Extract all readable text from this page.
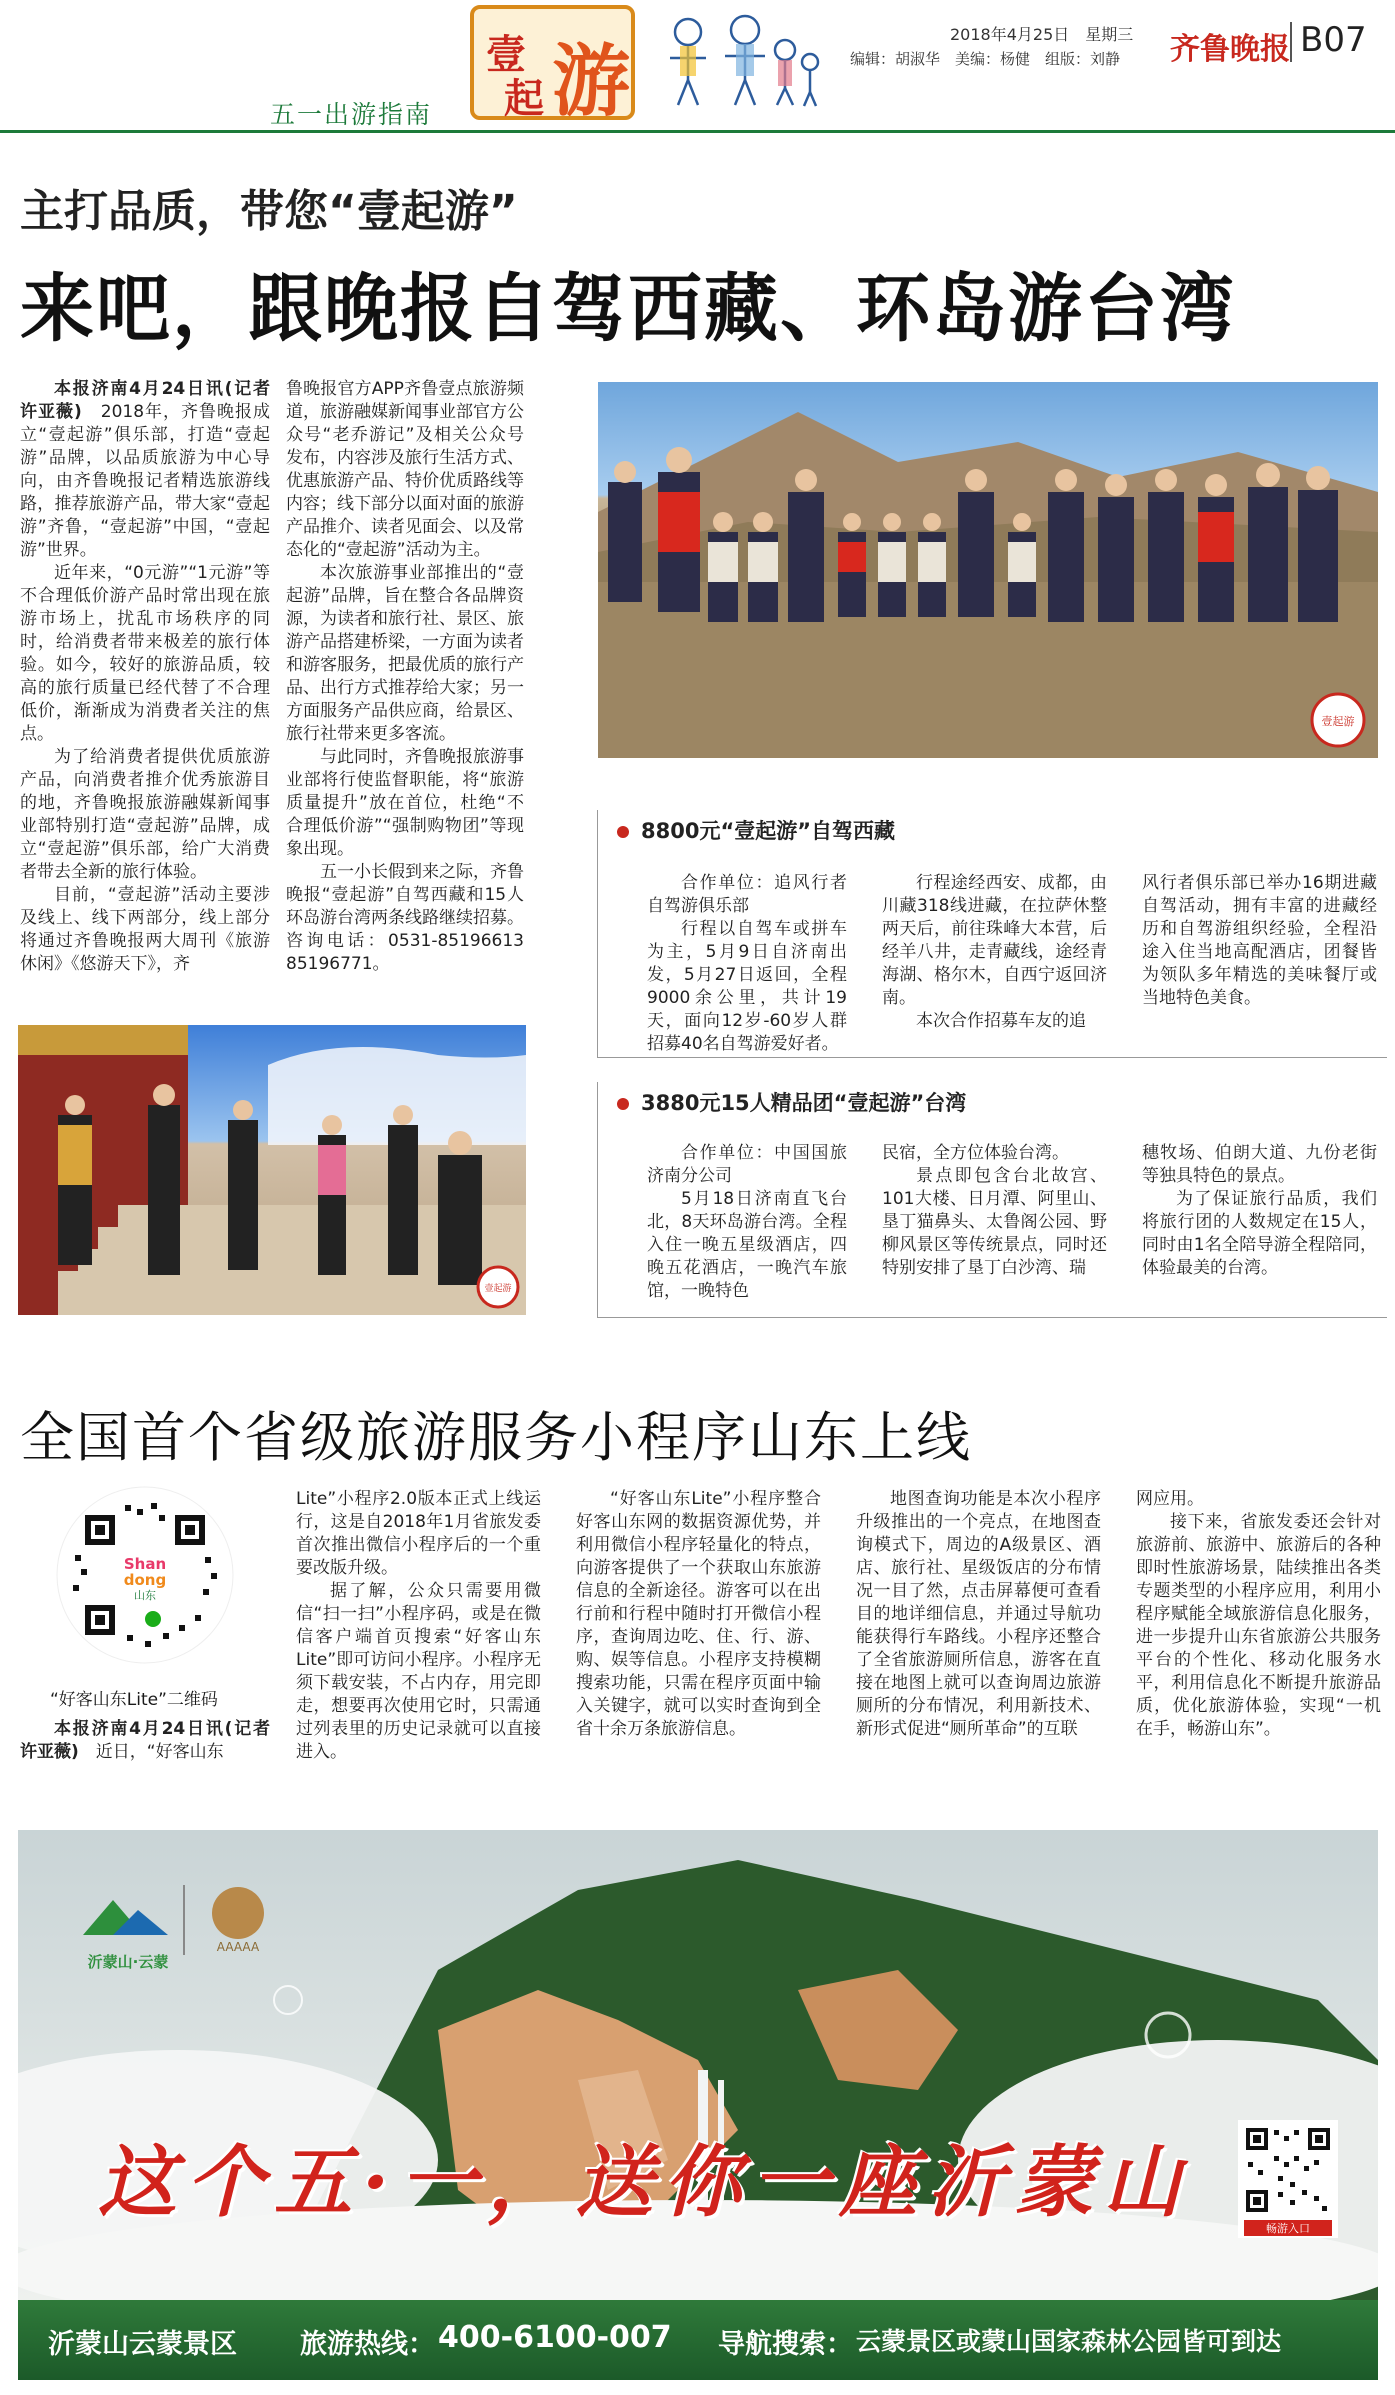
五一出游指南
壹
起 游
2018年4月25日　星期三
编辑：胡淑华　美编：杨健　组版：刘静 齐鲁晚报 B07
主打品质，带您“壹起游”
来吧，跟晚报自驾西藏、环岛游台湾

本报济南4月24日讯(记者　许亚薇)　 2018年，齐鲁晚报成立“壹起游”俱乐部，打造“壹起游”品牌，以品质旅游为中心导向，由齐鲁晚报记者精选旅游线路，推荐旅游产品，带大家“壹起游”齐鲁，“壹起游”中国，“壹起游”世界。

近年来，“0元游”“1元游”等不合理低价游产品时常出现在旅游市场上，扰乱市场秩序的同时，给消费者带来极差的旅行体验。如今，较好的旅游品质，较高的旅行质量已经代替了不合理低价，渐渐成为消费者关注的焦点。

为了给消费者提供优质旅游产品，向消费者推介优秀旅游目的地，齐鲁晚报旅游融媒新闻事业部特别打造“壹起游”品牌，成立“壹起游”俱乐部，给广大消费者带去全新的旅行体验。

目前，“壹起游”活动主要涉及线上、线下两部分，线上部分将通过齐鲁晚报两大周刊《旅游休闲》《悠游天下》，齐

鲁晚报官方APP齐鲁壹点旅游频道，旅游融媒新闻事业部官方公众号“老乔游记”及相关公众号发布，内容涉及旅行生活方式、优惠旅游产品、特价优质路线等内容；线下部分以面对面的旅游产品推介、读者见面会、以及常态化的“壹起游”活动为主。

本次旅游事业部推出的“壹起游”品牌，旨在整合各品牌资源，为读者和旅行社、景区、旅游产品搭建桥梁，一方面为读者和游客服务，把最优质的旅行产品、出行方式推荐给大家；另一方面服务产品供应商，给景区、旅行社带来更多客流。

与此同时，齐鲁晚报旅游事业部将行使监督职能，将“旅游质量提升”放在首位，杜绝“不合理低价游”“强制购物团”等现象出现。

五一小长假到来之际，齐鲁晚报“壹起游”自驾西藏和15人环岛游台湾两条线路继续招募。咨询电话：0531-85196613　85196771。

壹起游
壹起游
8800元“壹起游”自驾西藏

合作单位：追风行者自驾游俱乐部

行程以自驾车或拼车为主，5月9日自济南出发，5月27日返回，全程9000余公里，共计19天，面向12岁-60岁人群招募40名自驾游爱好者。

行程途经西安、成都，由川藏318线进藏，在拉萨休整两天后，前往珠峰大本营，后经羊八井，走青藏线，途经青海湖、格尔木，自西宁返回济南。

本次合作招募车友的追

风行者俱乐部已举办16期进藏自驾活动，拥有丰富的进藏经历和自驾游组织经验，全程沿途入住当地高配酒店，团餐皆为领队多年精选的美味餐厅或当地特色美食。

3880元15人精品团“壹起游”台湾

合作单位：中国国旅济南分公司

5月18日济南直飞台北，8天环岛游台湾。全程入住一晚五星级酒店，四晚五花酒店，一晚汽车旅馆，一晚特色

民宿，全方位体验台湾。

景点即包含台北故宫、101大楼、日月潭、阿里山、垦丁猫鼻头、太鲁阁公园、野柳风景区等传统景点，同时还特别安排了垦丁白沙湾、瑞

穗牧场、伯朗大道、九份老街等独具特色的景点。

为了保证旅行品质，我们将旅行团的人数规定在15人，同时由1名全陪导游全程陪同，体验最美的台湾。

全国首个省级旅游服务小程序山东上线
Shan
dong
山东
“好客山东Lite”二维码

本报济南4月24日讯(记者　许亚薇)　 近日，“好客山东

Lite”小程序2.0版本正式上线运行，这是自2018年1月省旅发委首次推出微信小程序后的一个重要改版升级。

据了解，公众只需要用微信“扫一扫”小程序码，或是在微信客户端首页搜索“好客山东Lite”即可访问小程序。小程序无须下载安装，不占内存，用完即走，想要再次使用它时，只需通过列表里的历史记录就可以直接进入。

“好客山东Lite”小程序整合好客山东网的数据资源优势，并利用微信小程序轻量化的特点，向游客提供了一个获取山东旅游信息的全新途径。游客可以在出行前和行程中随时打开微信小程序，查询周边吃、住、行、游、购、娱等信息。小程序支持模糊搜索功能，只需在程序页面中输入关键字，就可以实时查询到全省十余万条旅游信息。

地图查询功能是本次小程序升级推出的一个亮点，在地图查询模式下，周边的A级景区、酒店、旅行社、星级饭店的分布情况一目了然，点击屏幕便可查看目的地详细信息，并通过导航功能获得行车路线。小程序还整合了全省旅游厕所信息，游客在直接在地图上就可以查询周边旅游厕所的分布情况，利用新技术、新形式促进“厕所革命”的互联

网应用。

接下来，省旅发委还会针对旅游前、旅游中、旅游后的各种即时性旅游场景，陆续推出各类专题类型的小程序应用，利用小程序赋能全域旅游信息化服务，进一步提升山东省旅游公共服务平台的个性化、移动化服务水平，利用信息化不断提升旅游品质，优化旅游体验，实现“一机在手，畅游山东”。

AAAAA
沂蒙山·云蒙
这个五·一，送你一座沂蒙山
畅游入口
沂蒙山云蒙景区 旅游热线： 400-6100-007 导航搜索： 云蒙景区或蒙山国家森林公园皆可到达
